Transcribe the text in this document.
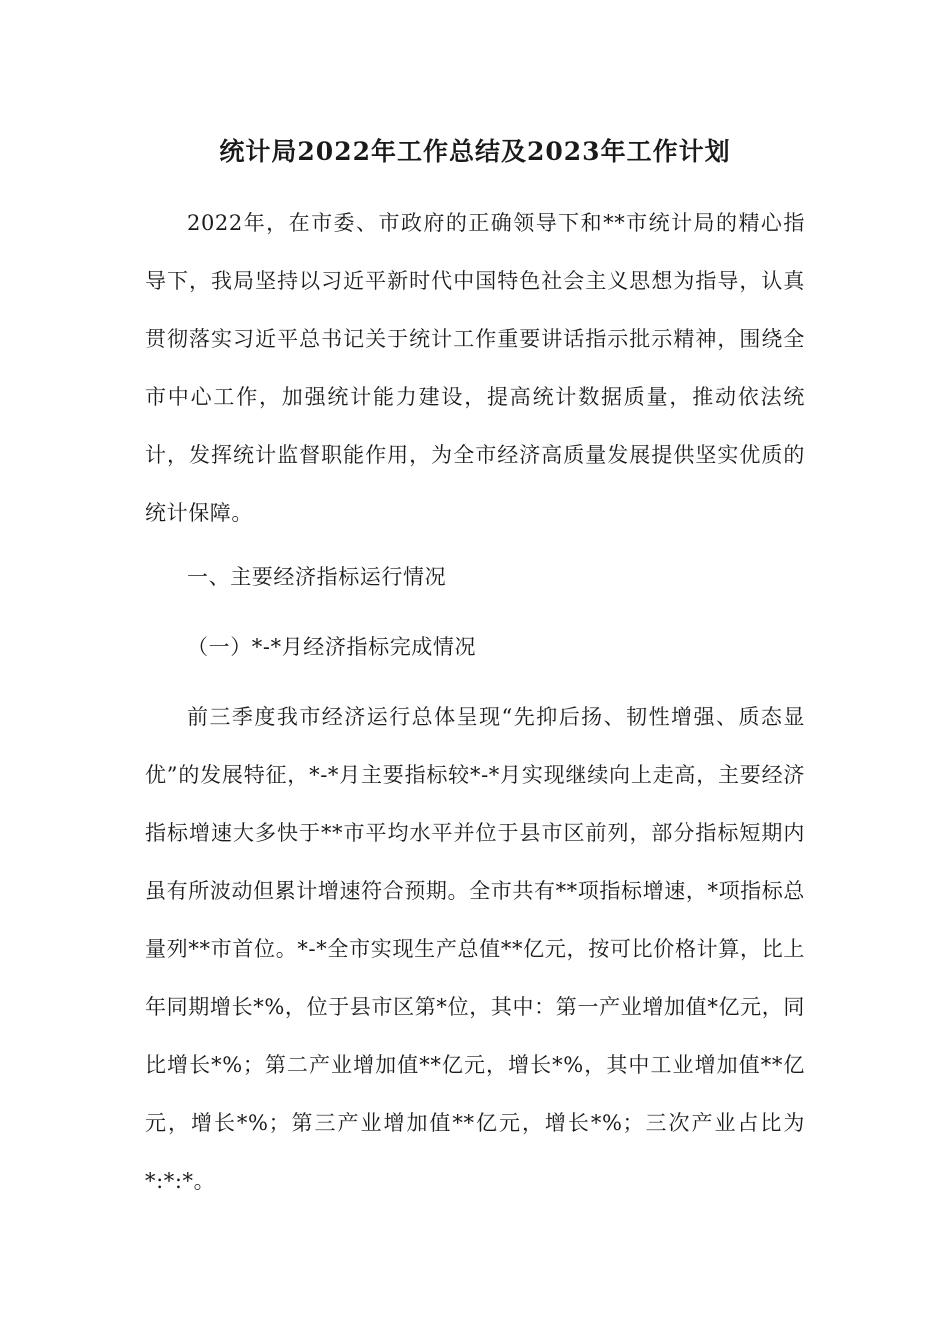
统计局2022年工作总结及2023年工作计划

2022年，在市委、市政府的正确领导下和**市统计局的精心指导下，我局坚持以习近平新时代中国特色社会主义思想为指导，认真贯彻落实习近平总书记关于统计工作重要讲话指示批示精神，围绕全市中心工作，加强统计能力建设，提高统计数据质量，推动依法统计，发挥统计监督职能作用，为全市经济高质量发展提供坚实优质的统计保障。

一、主要经济指标运行情况

（一）*-*月经济指标完成情况

前三季度我市经济运行总体呈现“先抑后扬、韧性增强、质态显优”的发展特征，*-*月主要指标较*-*月实现继续向上走高，主要经济指标增速大多快于**市平均水平并位于县市区前列，部分指标短期内虽有所波动但累计增速符合预期。全市共有**项指标增速，*项指标总量列**市首位。*-*全市实现生产总值**亿元，按可比价格计算，比上年同期增长*%，位于县市区第*位，其中：第一产业增加值*亿元，同比增长*%；第二产业增加值**亿元，增长*%，其中工业增加值**亿元，增长*%；第三产业增加值**亿元，增长*%；三次产业占比为*:*:*。
